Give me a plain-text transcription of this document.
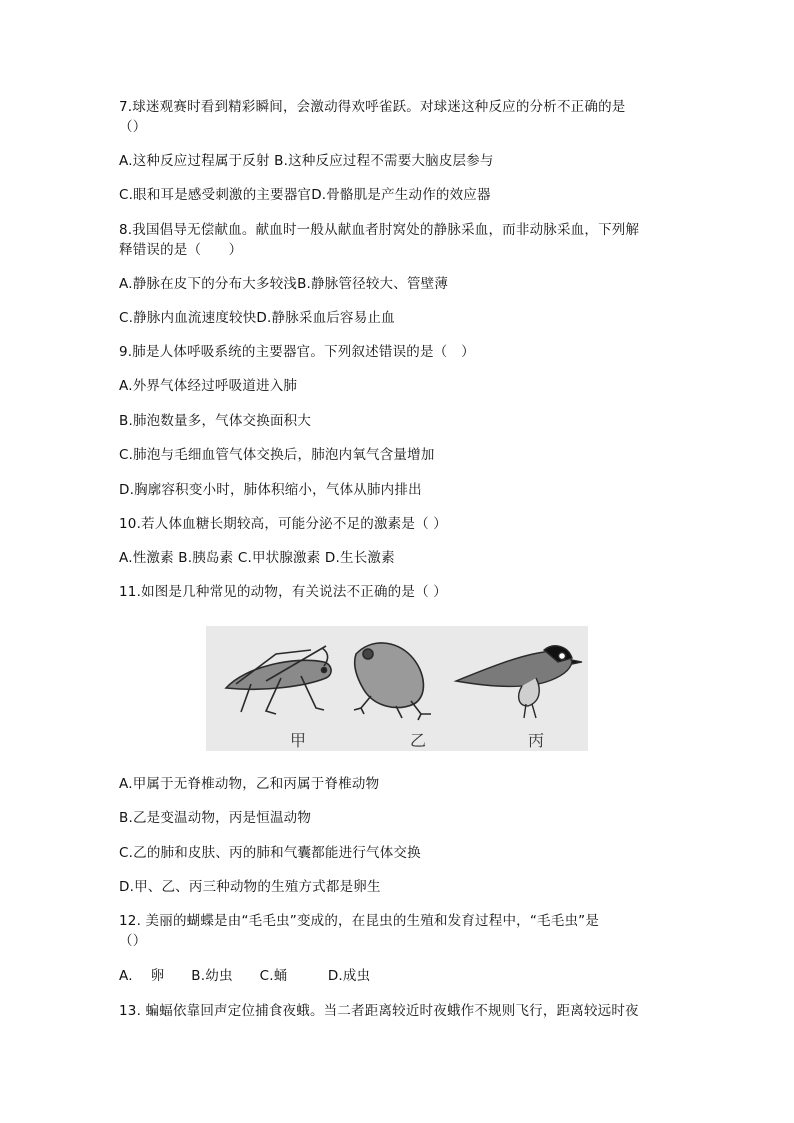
7.球迷观赛时看到精彩瞬间，会激动得欢呼雀跃。对球迷这种反应的分析不正确的是
（）
A.这种反应过程属于反射 B.这种反应过程不需要大脑皮层参与
C.眼和耳是感受刺激的主要器官D.骨骼肌是产生动作的效应器
8.我国倡导无偿献血。献血时一般从献血者肘窝处的静脉采血，而非动脉采血，下列解
释错误的是（　　）
A.静脉在皮下的分布大多较浅B.静脉管径较大、管壁薄
C.静脉内血流速度较快D.静脉采血后容易止血
9.肺是人体呼吸系统的主要器官。下列叙述错误的是（　）
A.外界气体经过呼吸道进入肺
B.肺泡数量多，气体交换面积大
C.肺泡与毛细血管气体交换后，肺泡内氧气含量增加
D.胸廓容积变小时，肺体积缩小，气体从肺内排出
10.若人体血糖长期较高，可能分泌不足的激素是（ ）
A.性激素 B.胰岛素 C.甲状腺激素 D.生长激素
11.如图是几种常见的动物，有关说法不正确的是（ ）
甲	乙	丙
A.甲属于无脊椎动物，乙和丙属于脊椎动物
B.乙是变温动物，丙是恒温动物
C.乙的肺和皮肤、丙的肺和气囊都能进行气体交换
D.甲、乙、丙三种动物的生殖方式都是卵生
12. 美丽的蝴蝶是由“毛毛虫”变成的，在昆虫的生殖和发育过程中，“毛毛虫”是
（）
A.    卵      B.幼虫      C.蛹         D.成虫
13. 蝙蝠依靠回声定位捕食夜蛾。当二者距离较近时夜蛾作不规则飞行，距离较远时夜
